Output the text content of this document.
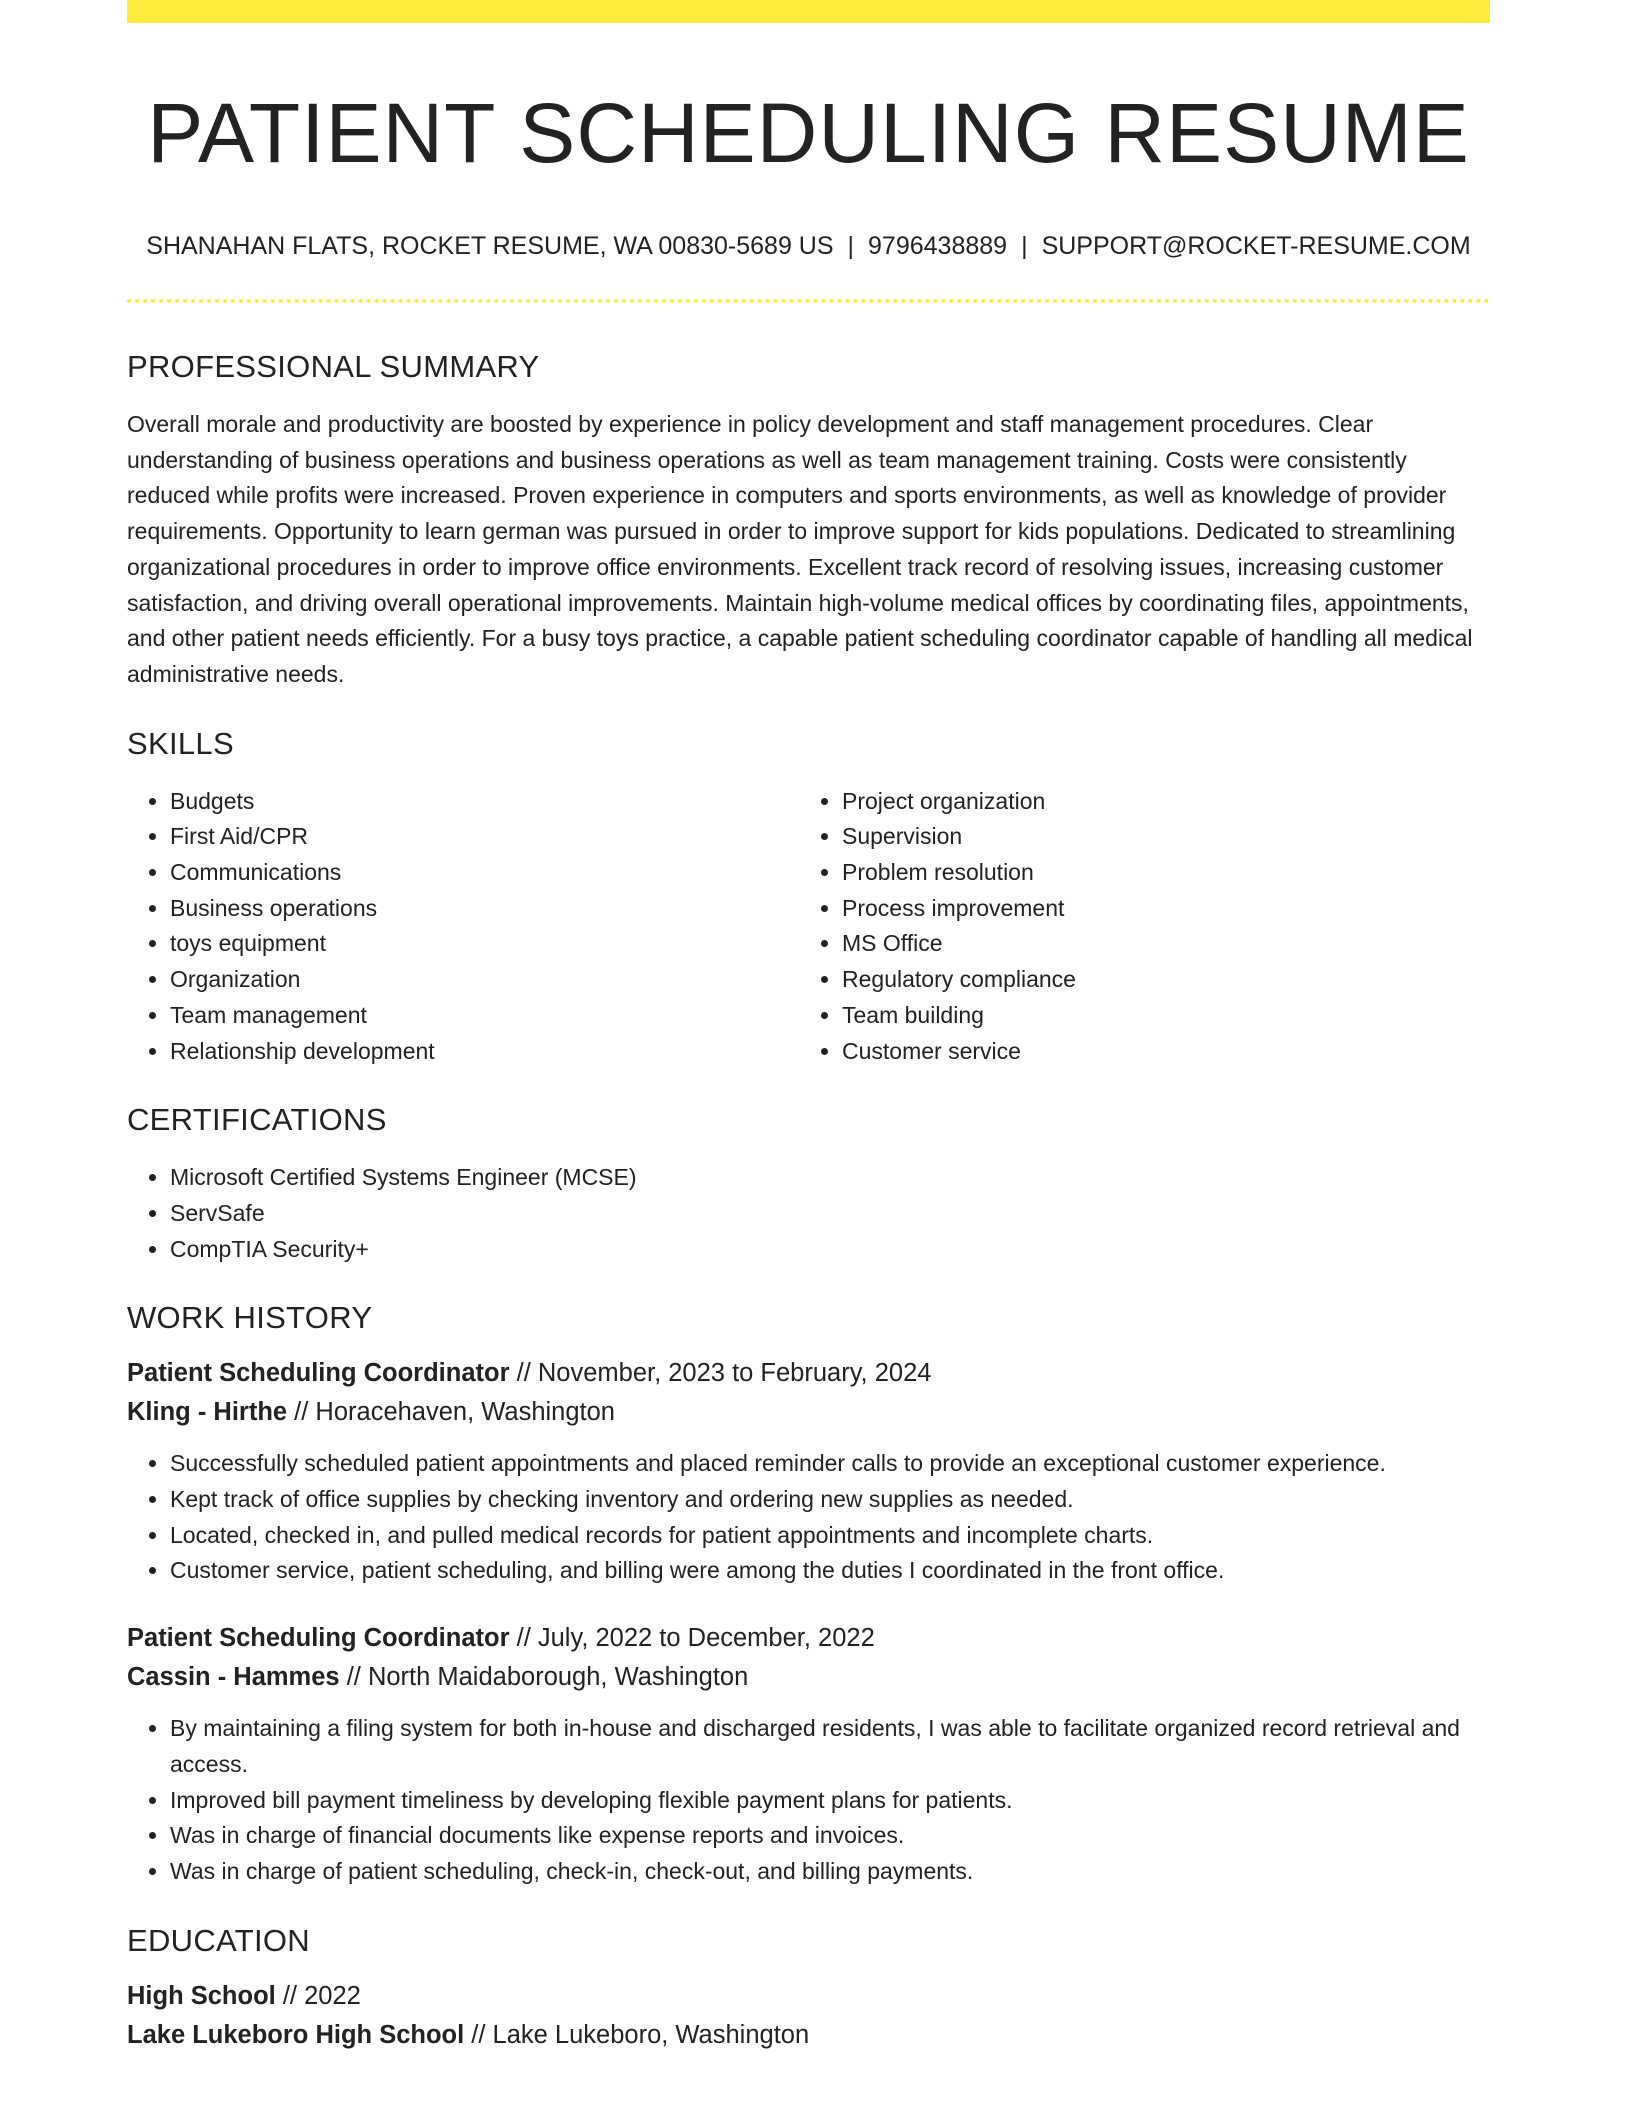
PATIENT SCHEDULING RESUME
SHANAHAN FLATS, ROCKET RESUME, WA 00830-5689 US | 9796438889 | SUPPORT@ROCKET-RESUME.COM
PROFESSIONAL SUMMARY
Overall morale and productivity are boosted by experience in policy development and staff management procedures. Clear understanding of business operations and business operations as well as team management training. Costs were consistently reduced while profits were increased. Proven experience in computers and sports environments, as well as knowledge of provider requirements. Opportunity to learn german was pursued in order to improve support for kids populations. Dedicated to streamlining organizational procedures in order to improve office environments. Excellent track record of resolving issues, increasing customer satisfaction, and driving overall operational improvements. Maintain high-volume medical offices by coordinating files, appointments, and other patient needs efficiently. For a busy toys practice, a capable patient scheduling coordinator capable of handling all medical administrative needs.
SKILLS
• Budgets
• First Aid/CPR
• Communications
• Business operations
• toys equipment
• Organization
• Team management
• Relationship development
• Project organization
• Supervision
• Problem resolution
• Process improvement
• MS Office
• Regulatory compliance
• Team building
• Customer service
CERTIFICATIONS
• Microsoft Certified Systems Engineer (MCSE)
• ServSafe
• CompTIA Security+
WORK HISTORY
Patient Scheduling Coordinator // November, 2023 to February, 2024
Kling - Hirthe // Horacehaven, Washington
• Successfully scheduled patient appointments and placed reminder calls to provide an exceptional customer experience.
• Kept track of office supplies by checking inventory and ordering new supplies as needed.
• Located, checked in, and pulled medical records for patient appointments and incomplete charts.
• Customer service, patient scheduling, and billing were among the duties I coordinated in the front office.
Patient Scheduling Coordinator // July, 2022 to December, 2022
Cassin - Hammes // North Maidaborough, Washington
• By maintaining a filing system for both in-house and discharged residents, I was able to facilitate organized record retrieval and access.
• Improved bill payment timeliness by developing flexible payment plans for patients.
• Was in charge of financial documents like expense reports and invoices.
• Was in charge of patient scheduling, check-in, check-out, and billing payments.
EDUCATION
High School // 2022
Lake Lukeboro High School // Lake Lukeboro, Washington
